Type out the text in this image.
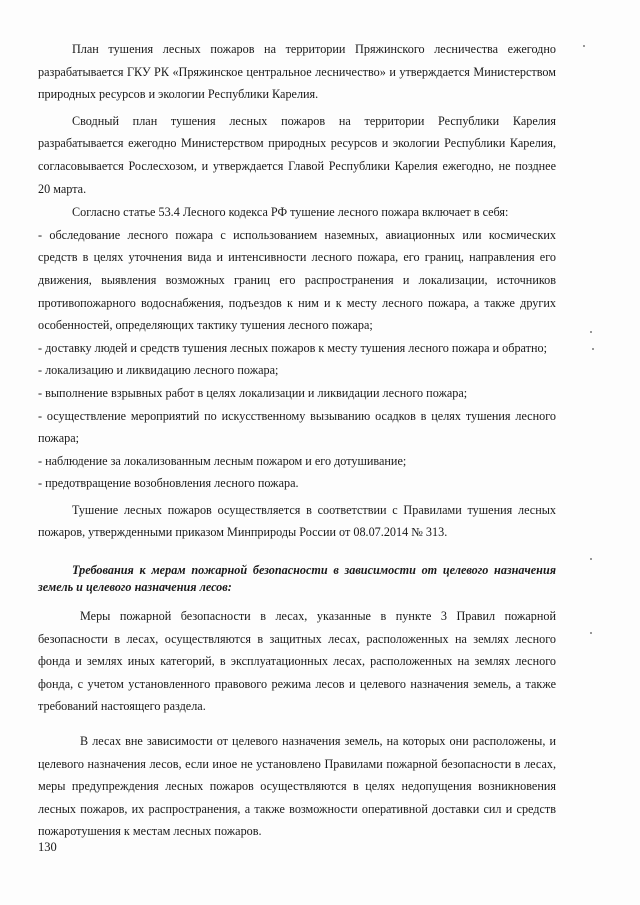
План тушения лесных пожаров на территории Пряжинского лесничества ежегодно разрабатывается ГКУ РК «Пряжинское центральное лесничество» и утверждается Министерством природных ресурсов и экологии Республики Карелия.

Сводный план тушения лесных пожаров на территории Республики Карелия разрабатывается ежегодно Министерством природных ресурсов и экологии Республики Карелия, согласовывается Рослесхозом, и утверждается Главой Республики Карелия ежегодно, не позднее 20 марта.

Согласно статье 53.4 Лесного кодекса РФ тушение лесного пожара включает в себя:

- обследование лесного пожара с использованием наземных, авиационных или космических средств в целях уточнения вида и интенсивности лесного пожара, его границ, направления его движения, выявления возможных границ его распространения и локализации, источников противопожарного водоснабжения, подъездов к ним и к месту лесного пожара, а также других особенностей, определяющих тактику тушения лесного пожара;

- доставку людей и средств тушения лесных пожаров к месту тушения лесного пожара и обратно;

- локализацию и ликвидацию лесного пожара;

- выполнение взрывных работ в целях локализации и ликвидации лесного пожара;

- осуществление мероприятий по искусственному вызыванию осадков в целях тушения лесного пожара;

- наблюдение за локализованным лесным пожаром и его дотушивание;

- предотвращение возобновления лесного пожара.

Тушение лесных пожаров осуществляется в соответствии с Правилами тушения лесных пожаров, утвержденными приказом Минприроды России от 08.07.2014 № 313.

Требования к мерам пожарной безопасности в зависимости от целевого назначения земель и целевого назначения лесов:

Меры пожарной безопасности в лесах, указанные в пункте 3 Правил пожарной безопасности в лесах, осуществляются в защитных лесах, расположенных на землях лесного фонда и землях иных категорий, в эксплуатационных лесах, расположенных на землях лесного фонда, с учетом установленного правового режима лесов и целевого назначения земель, а также требований настоящего раздела.

В лесах вне зависимости от целевого назначения земель, на которых они расположены, и целевого назначения лесов, если иное не установлено Правилами пожарной безопасности в лесах, меры предупреждения лесных пожаров осуществляются в целях недопущения возникновения лесных пожаров, их распространения, а также возможности оперативной доставки сил и средств пожаротушения к местам лесных пожаров.

130
